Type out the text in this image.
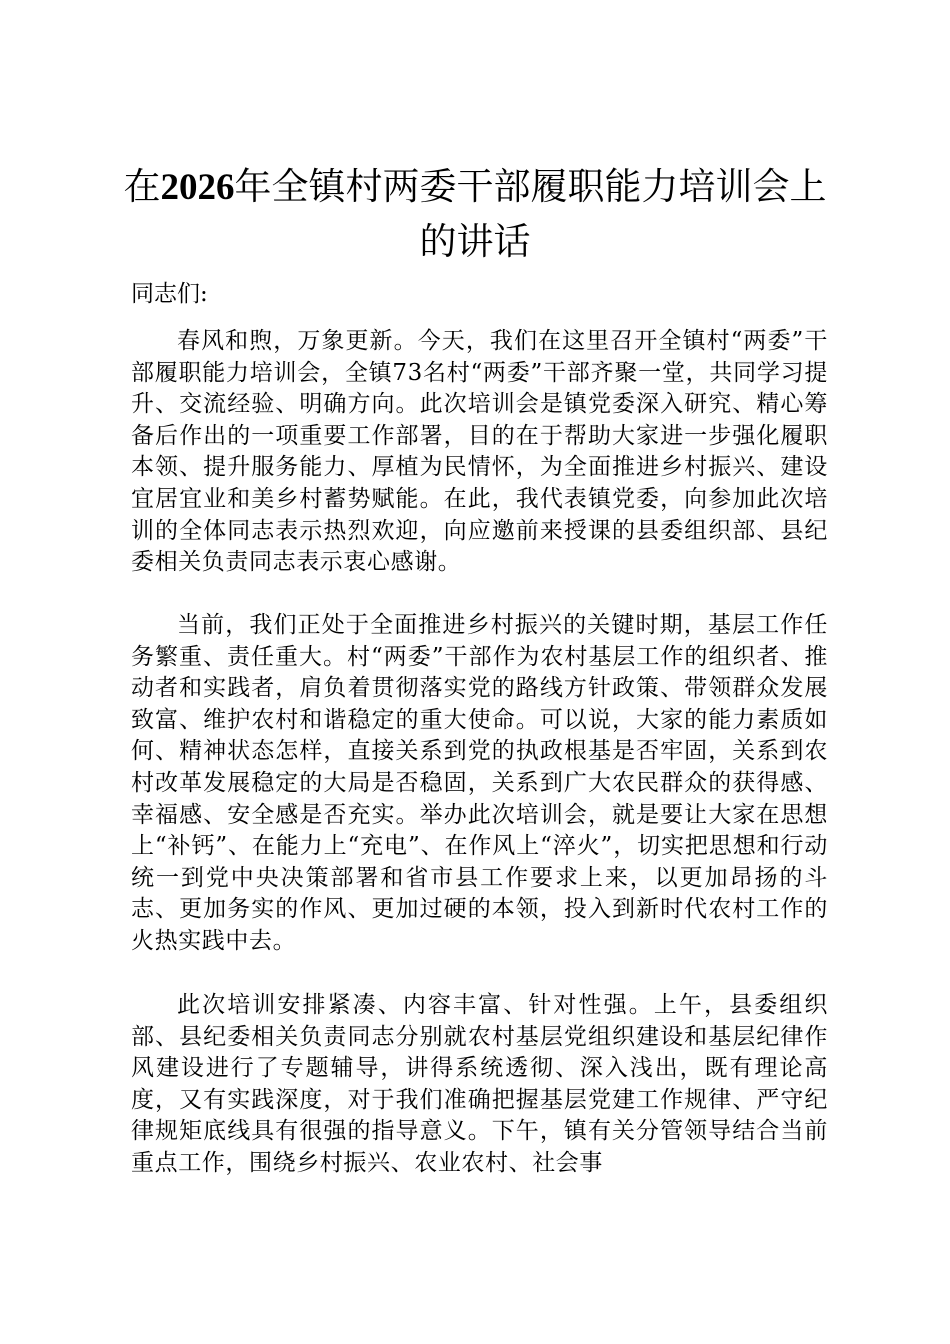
在2026年全镇村两委干部履职能力培训会上的讲话

同志们:

春风和煦，万象更新。今天，我们在这里召开全镇村“两委”干部履职能力培训会，全镇73名村“两委”干部齐聚一堂，共同学习提升、交流经验、明确方向。此次培训会是镇党委深入研究、精心筹备后作出的一项重要工作部署，目的在于帮助大家进一步强化履职本领、提升服务能力、厚植为民情怀，为全面推进乡村振兴、建设宜居宜业和美乡村蓄势赋能。在此，我代表镇党委，向参加此次培训的全体同志表示热烈欢迎，向应邀前来授课的县委组织部、县纪委相关负责同志表示衷心感谢。

当前，我们正处于全面推进乡村振兴的关键时期，基层工作任务繁重、责任重大。村“两委”干部作为农村基层工作的组织者、推动者和实践者，肩负着贯彻落实党的路线方针政策、带领群众发展致富、维护农村和谐稳定的重大使命。可以说，大家的能力素质如何、精神状态怎样，直接关系到党的执政根基是否牢固，关系到农村改革发展稳定的大局是否稳固，关系到广大农民群众的获得感、幸福感、安全感是否充实。举办此次培训会，就是要让大家在思想上“补钙”、在能力上“充电”、在作风上“淬火”，切实把思想和行动统一到党中央决策部署和省市县工作要求上来，以更加昂扬的斗志、更加务实的作风、更加过硬的本领，投入到新时代农村工作的火热实践中去。

此次培训安排紧凑、内容丰富、针对性强。上午，县委组织部、县纪委相关负责同志分别就农村基层党组织建设和基层纪律作风建设进行了专题辅导，讲得系统透彻、深入浅出，既有理论高度，又有实践深度，对于我们准确把握基层党建工作规律、严守纪律规矩底线具有很强的指导意义。下午，镇有关分管领导结合当前重点工作，围绕乡村振兴、农业农村、社会事
